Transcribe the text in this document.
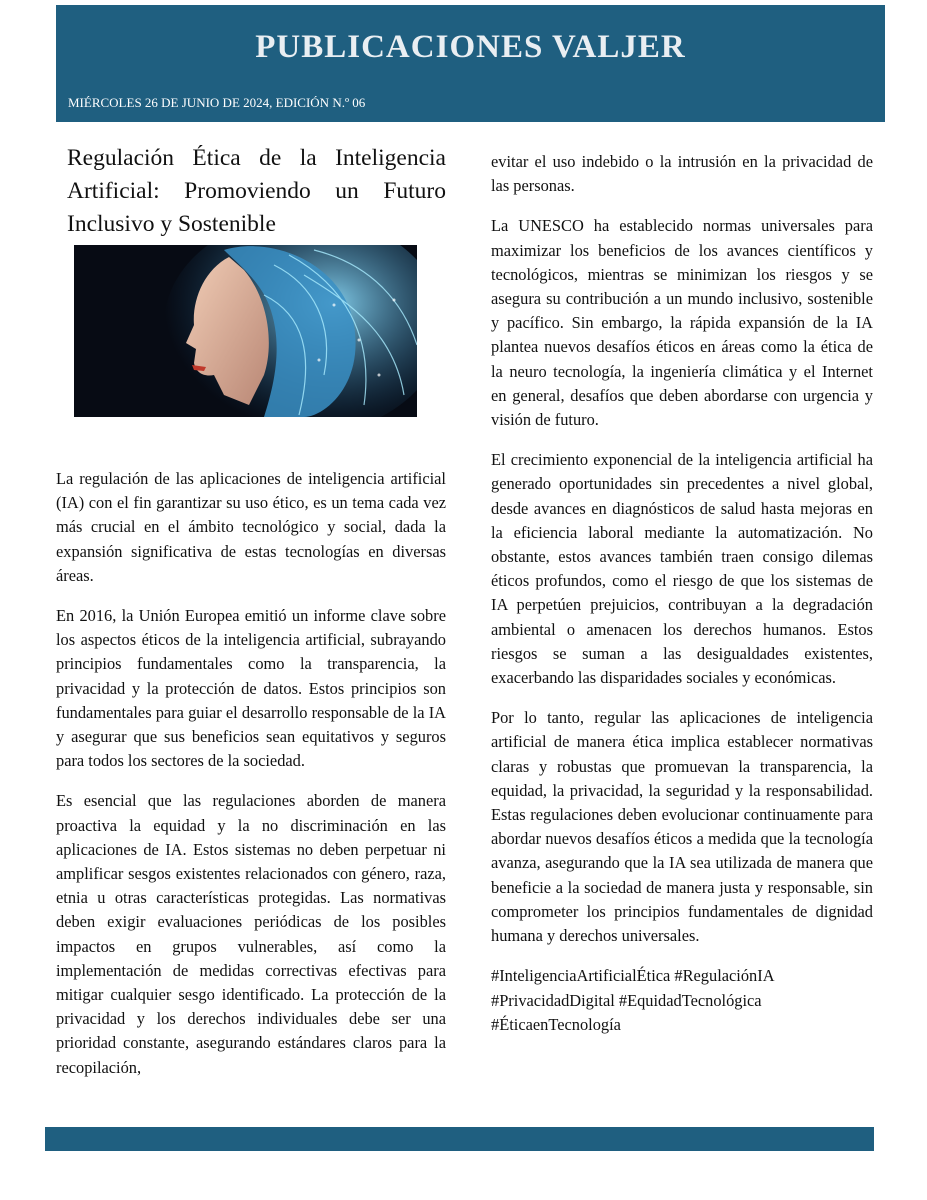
PUBLICACIONES VALJER
MIÉRCOLES 26 DE JUNIO DE 2024, EDICIÓN N.º 06
Regulación Ética de la Inteligencia Artificial: Promoviendo un Futuro Inclusivo y Sostenible

La regulación de las aplicaciones de inteligencia artificial (IA) con el fin garantizar su uso ético, es un tema cada vez más crucial en el ámbito tecnológico y social, dada la expansión significativa de estas tecnologías en diversas áreas.

En 2016, la Unión Europea emitió un informe clave sobre los aspectos éticos de la inteligencia artificial, subrayando principios fundamentales como la transparencia, la privacidad y la protección de datos. Estos principios son fundamentales para guiar el desarrollo responsable de la IA y asegurar que sus beneficios sean equitativos y seguros para todos los sectores de la sociedad.

Es esencial que las regulaciones aborden de manera proactiva la equidad y la no discriminación en las aplicaciones de IA. Estos sistemas no deben perpetuar ni amplificar sesgos existentes relacionados con género, raza, etnia u otras características protegidas. Las normativas deben exigir evaluaciones periódicas de los posibles impactos en grupos vulnerables, así como la implementación de medidas correctivas efectivas para mitigar cualquier sesgo identificado. La protección de la privacidad y los derechos individuales debe ser una prioridad constante, asegurando estándares claros para la recopilación,

evitar el uso indebido o la intrusión en la privacidad de las personas.

La UNESCO ha establecido normas universales para maximizar los beneficios de los avances científicos y tecnológicos, mientras se minimizan los riesgos y se asegura su contribución a un mundo inclusivo, sostenible y pacífico. Sin embargo, la rápida expansión de la IA plantea nuevos desafíos éticos en áreas como la ética de la neuro tecnología, la ingeniería climática y el Internet en general, desafíos que deben abordarse con urgencia y visión de futuro.

El crecimiento exponencial de la inteligencia artificial ha generado oportunidades sin precedentes a nivel global, desde avances en diagnósticos de salud hasta mejoras en la eficiencia laboral mediante la automatización. No obstante, estos avances también traen consigo dilemas éticos profundos, como el riesgo de que los sistemas de IA perpetúen prejuicios, contribuyan a la degradación ambiental o amenacen los derechos humanos. Estos riesgos se suman a las desigualdades existentes, exacerbando las disparidades sociales y económicas.

Por lo tanto, regular las aplicaciones de inteligencia artificial de manera ética implica establecer normativas claras y robustas que promuevan la transparencia, la equidad, la privacidad, la seguridad y la responsabilidad. Estas regulaciones deben evolucionar continuamente para abordar nuevos desafíos éticos a medida que la tecnología avanza, asegurando que la IA sea utilizada de manera que beneficie a la sociedad de manera justa y responsable, sin comprometer los principios fundamentales de dignidad humana y derechos universales.

#InteligenciaArtificialÉtica #RegulaciónIA #PrivacidadDigital #EquidadTecnológica #ÉticaenTecnología
